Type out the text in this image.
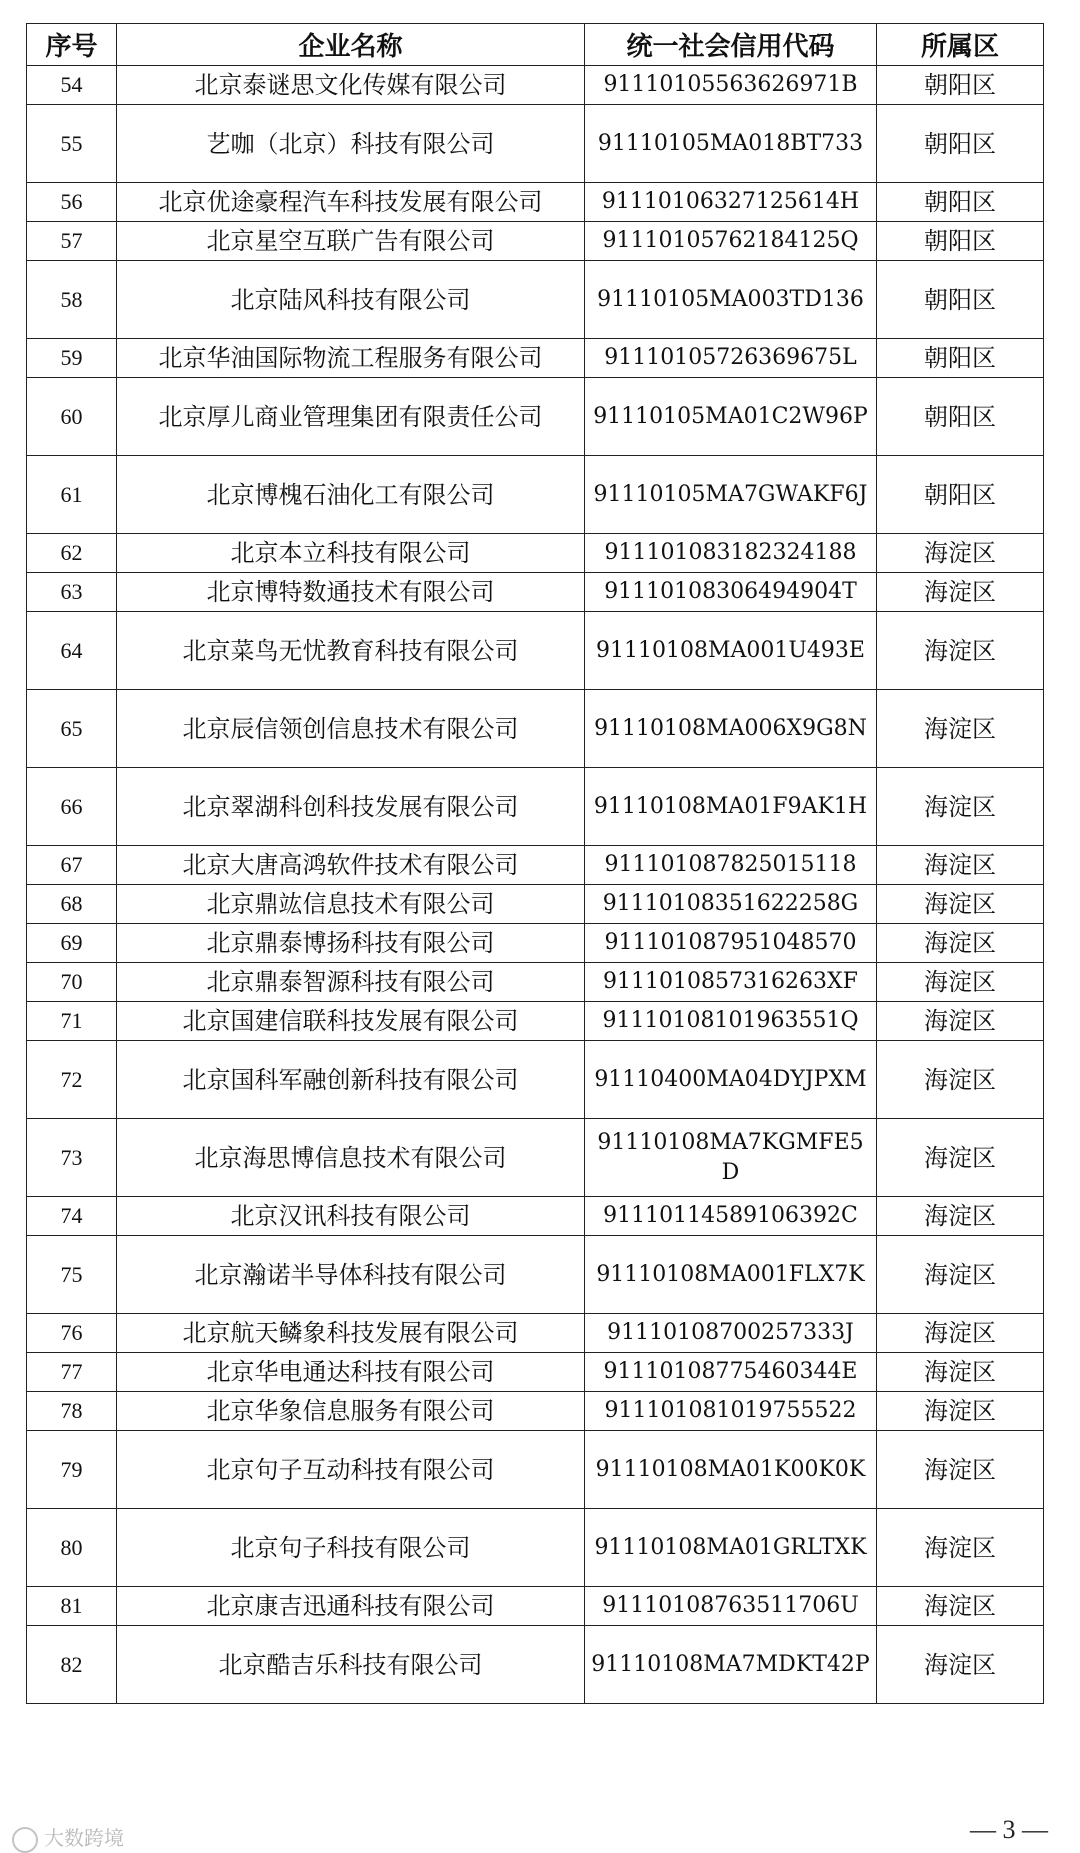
序号	企业名称	统一社会信用代码	所属区
54	北京泰谜思文化传媒有限公司	91110105563626971B	朝阳区
55	艺咖（北京）科技有限公司	91110105MA018BT733	朝阳区
56	北京优途豪程汽车科技发展有限公司	91110106327125614H	朝阳区
57	北京星空互联广告有限公司	91110105762184125Q	朝阳区
58	北京陆风科技有限公司	91110105MA003TD136	朝阳区
59	北京华油国际物流工程服务有限公司	91110105726369675L	朝阳区
60	北京厚儿商业管理集团有限责任公司	91110105MA01C2W96P	朝阳区
61	北京博槐石油化工有限公司	91110105MA7GWAKF6J	朝阳区
62	北京本立科技有限公司	911101083182324188	海淀区
63	北京博特数通技术有限公司	91110108306494904T	海淀区
64	北京菜鸟无忧教育科技有限公司	91110108MA001U493E	海淀区
65	北京辰信领创信息技术有限公司	91110108MA006X9G8N	海淀区
66	北京翠湖科创科技发展有限公司	91110108MA01F9AK1H	海淀区
67	北京大唐高鸿软件技术有限公司	911101087825015118	海淀区
68	北京鼎竑信息技术有限公司	91110108351622258G	海淀区
69	北京鼎泰博扬科技有限公司	911101087951048570	海淀区
70	北京鼎泰智源科技有限公司	9111010857316263XF	海淀区
71	北京国建信联科技发展有限公司	91110108101963551Q	海淀区
72	北京国科军融创新科技有限公司	91110400MA04DYJPXM	海淀区
73	北京海思博信息技术有限公司	91110108MA7KGMFE5D	海淀区
74	北京汉讯科技有限公司	91110114589106392C	海淀区
75	北京瀚诺半导体科技有限公司	91110108MA001FLX7K	海淀区
76	北京航天鳞象科技发展有限公司	91110108700257333J	海淀区
77	北京华电通达科技有限公司	91110108775460344E	海淀区
78	北京华象信息服务有限公司	911101081019755522	海淀区
79	北京句子互动科技有限公司	91110108MA01K00K0K	海淀区
80	北京句子科技有限公司	91110108MA01GRLTXK	海淀区
81	北京康吉迅通科技有限公司	91110108763511706U	海淀区
82	北京酷吉乐科技有限公司	91110108MA7MDKT42P	海淀区
大数跨境	— 3 —
